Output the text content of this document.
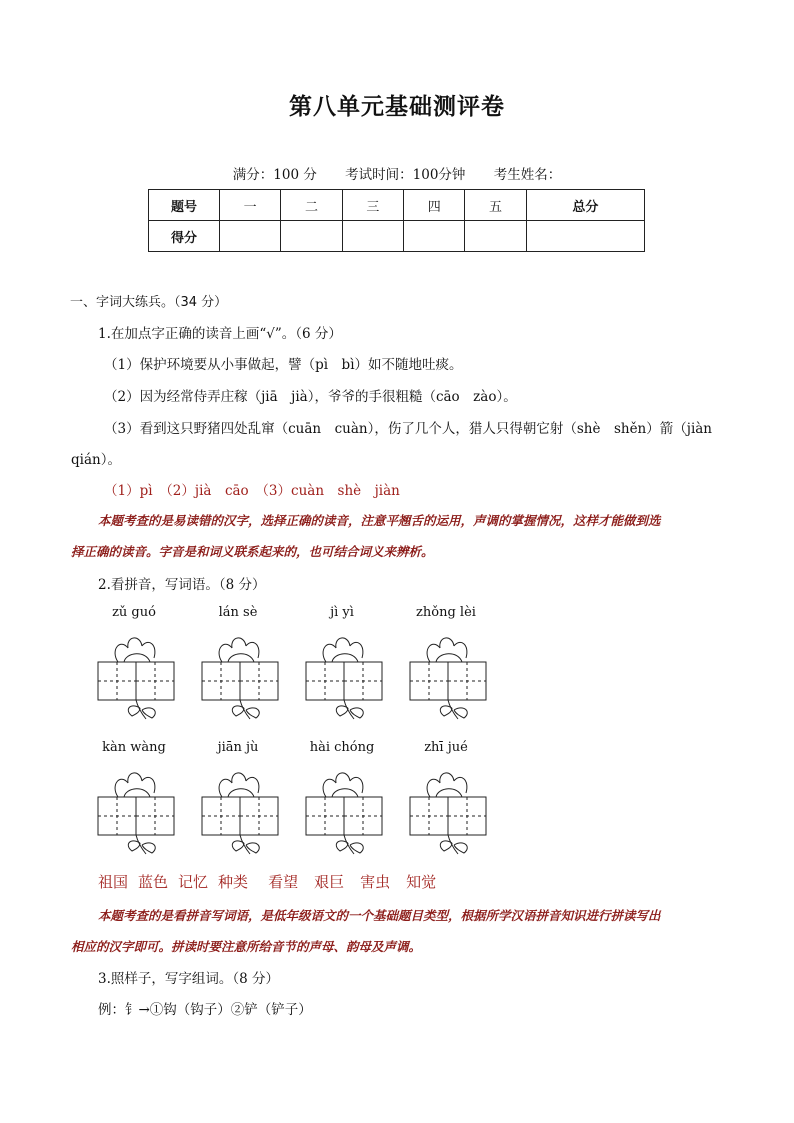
第八单元基础测评卷
满分：100 分 考试时间：100分钟 考生姓名：
题号	一	二	三	四	五	总分
得分						
一、字词大练兵。（34 分）
1.在加点字正确的读音上画“√”。（6 分）
（1）保护环境要从小事做起，譬（pì　bì）如不随地吐痰。
（2）因为经常侍弄庄稼（jiā　jià），爷爷的手很粗糙（cāo　zào）。
（3）看到这只野猪四处乱窜（cuān　cuàn），伤了几个人，猎人只得朝它射（shè　shěn）箭（jiàn
qián）。
（1）pì　（2）jià　cāo　（3）cuàn　shè　jiàn
本题考查的是易读错的汉字，选择正确的读音，注意平翘舌的运用，声调的掌握情况，这样才能做到选
择正确的读音。字音是和词义联系起来的，也可结合词义来辨析。
2.看拼音，写词语。（8 分）
zǔ guó	lán sè	jì yì	zhǒng lèi
kàn wàng	jiān jù	hài chóng	zhī jué
祖国 蓝色 记忆 种类 看望 艰巨 害虫 知觉
本题考查的是看拼音写词语，是低年级语文的一个基础题目类型，根据所学汉语拼音知识进行拼读写出
相应的汉字即可。拼读时要注意所给音节的声母、韵母及声调。
3.照样子，写字组词。（8 分）
例：钅→①钩（钩子）②铲（铲子）
